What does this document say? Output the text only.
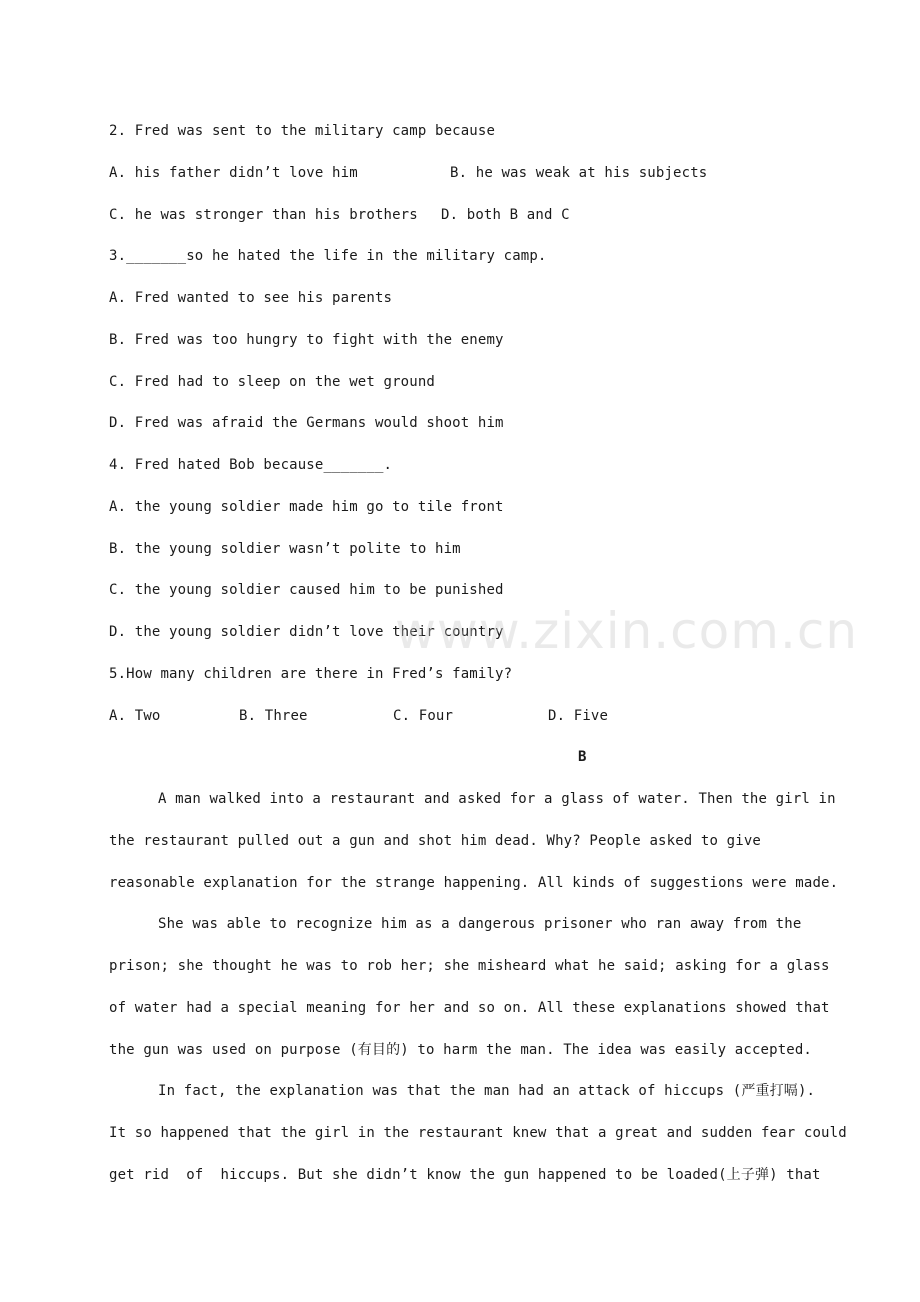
2. Fred was sent to the military camp because

A. his father didn’t love him

	B. he was weak at his subjects

C. he was stronger than his brothers

D. both B and C

3._______so he hated the life in the military camp.
A. Fred wanted to see his parents
B. Fred was too hungry to fight with the enemy
C. Fred had to sleep on the wet ground
D. Fred was afraid the Germans would shoot him
4. Fred hated Bob because_______.
A. the young soldier made him go to tile front
B. the young soldier wasn’t polite to him
C. the young soldier caused him to be punished
D. the young soldier didn’t love their country
5.How many children are there in Fred’s family?

A. Two

	B. Three

	C. Four

	D. Five

B
A man walked into a restaurant and asked for a glass of water. Then the girl in
the restaurant pulled out a gun and shot him dead. Why? People asked to give
reasonable explanation for the strange happening. All kinds of suggestions were made.
She was able to recognize him as a dangerous prisoner who ran away from the
prison; she thought he was to rob her; she misheard what he said; asking for a glass
of water had a special meaning for her and so on. All these explanations showed that
the gun was used on purpose (有目的) to harm the man. The idea was easily accepted.
In fact, the explanation was that the man had an attack of hiccups (严重打嗝).
It so happened that the girl in the restaurant knew that a great and sudden fear could
get rid  of  hiccups. But she didn’t know the gun happened to be loaded(上子弹) that
www.zixin.com.cn
